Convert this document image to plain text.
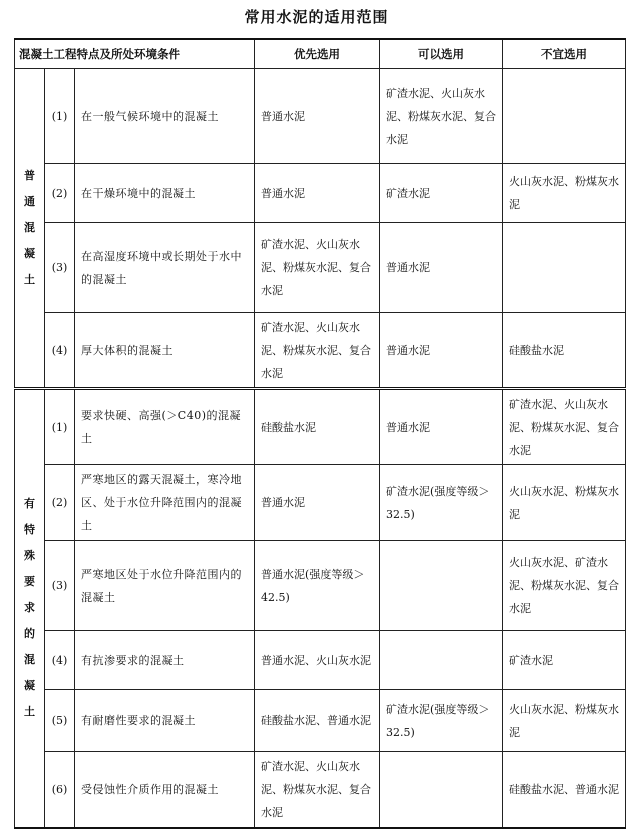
常用水泥的适用范围
混凝土工程特点及所处环境条件			优先选用	可以选用	不宜选用
普通混凝土	(1)	在一般气候环境中的混凝土	普通水泥	矿渣水泥、火山灰水泥、粉煤灰水泥、复合水泥	
	(2)	在干燥环境中的混凝土	普通水泥	矿渣水泥	火山灰水泥、粉煤灰水泥
	(3)	在高湿度环境中或长期处于水中的混凝土	矿渣水泥、火山灰水泥、粉煤灰水泥、复合水泥	普通水泥	
	(4)	厚大体积的混凝土	矿渣水泥、火山灰水泥、粉煤灰水泥、复合水泥	普通水泥	硅酸盐水泥
有特殊要求的混凝土	(1)	要求快硬、高强(＞C40)的混凝土	硅酸盐水泥	普通水泥	矿渣水泥、火山灰水泥、粉煤灰水泥、复合水泥
	(2)	严寒地区的露天混凝土，寒冷地区、处于水位升降范围内的混凝土	普通水泥	矿渣水泥(强度等级＞32.5)	火山灰水泥、粉煤灰水泥
	(3)	严寒地区处于水位升降范围内的混凝土	普通水泥(强度等级＞42.5)		火山灰水泥、矿渣水泥、粉煤灰水泥、复合水泥
	(4)	有抗渗要求的混凝土	普通水泥、火山灰水泥		矿渣水泥
	(5)	有耐磨性要求的混凝土	硅酸盐水泥、普通水泥	矿渣水泥(强度等级＞32.5)	火山灰水泥、粉煤灰水泥
	(6)	受侵蚀性介质作用的混凝土	矿渣水泥、火山灰水泥、粉煤灰水泥、复合水泥		硅酸盐水泥、普通水泥
